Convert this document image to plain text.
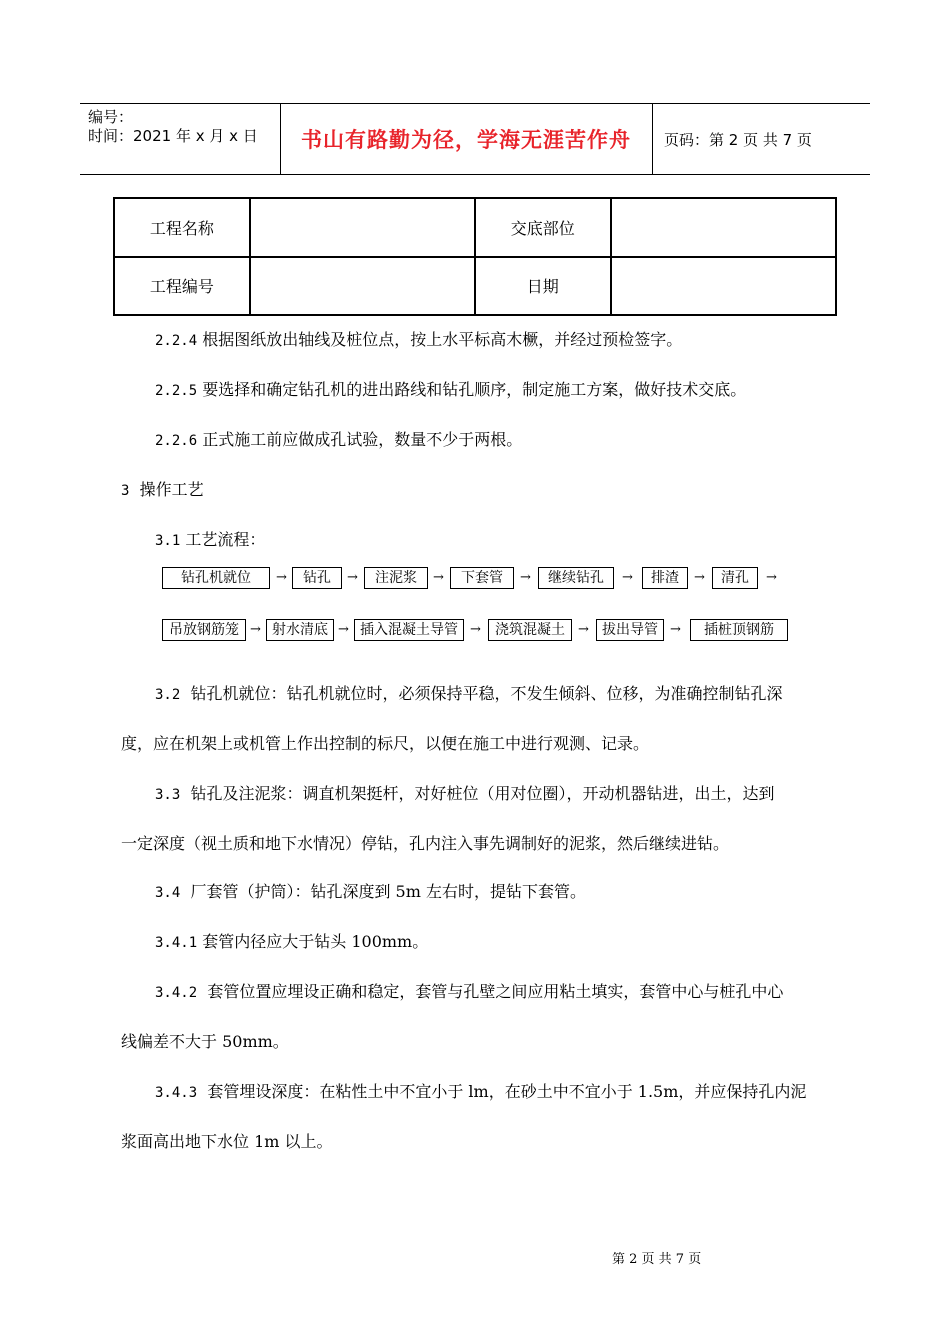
编号：
时间：2021 年 x 月 x 日	书山有路勤为径，学海无涯苦作舟	页码：第 2 页 共 7 页
工程名称		交底部位	
工程编号		日期	
2.2.4 根据图纸放出轴线及桩位点，按上水平标高木橛，并经过预检签字。
2.2.5 要选择和确定钻孔机的进出路线和钻孔顺序，制定施工方案，做好技术交底。
2.2.6 正式施工前应做成孔试验，数量不少于两根。
3 操作工艺
3.1 工艺流程：
钻孔机就位	→	钻孔	→	注泥浆	→	下套管	→	继续钻孔	→	排渣	→	清孔	→
吊放钢筋笼 → 射水清底 → 插入混凝土导管 →	浇筑混凝土	→ 拔出导管 →	插桩顶钢筋
3.2 钻孔机就位：钻孔机就位时，必须保持平稳，不发生倾斜、位移，为准确控制钻孔深
度，应在机架上或机管上作出控制的标尺，以便在施工中进行观测、记录。
3.3 钻孔及注泥浆：调直机架挺杆，对好桩位（用对位圈），开动机器钻进，出土，达到
一定深度（视土质和地下水情况）停钻，孔内注入事先调制好的泥浆，然后继续进钻。
3.4 厂套管（护筒）：钻孔深度到 5m 左右时，提钻下套管。
3.4.1 套管内径应大于钻头 100mm。
3.4.2 套管位置应埋设正确和稳定，套管与孔壁之间应用粘土填实，套管中心与桩孔中心
线偏差不大于 50mm。
3.4.3 套管埋设深度：在粘性土中不宜小于 lm，在砂土中不宜小于 1.5m，并应保持孔内泥
浆面高出地下水位 1m 以上。
第 2 页 共 7 页
